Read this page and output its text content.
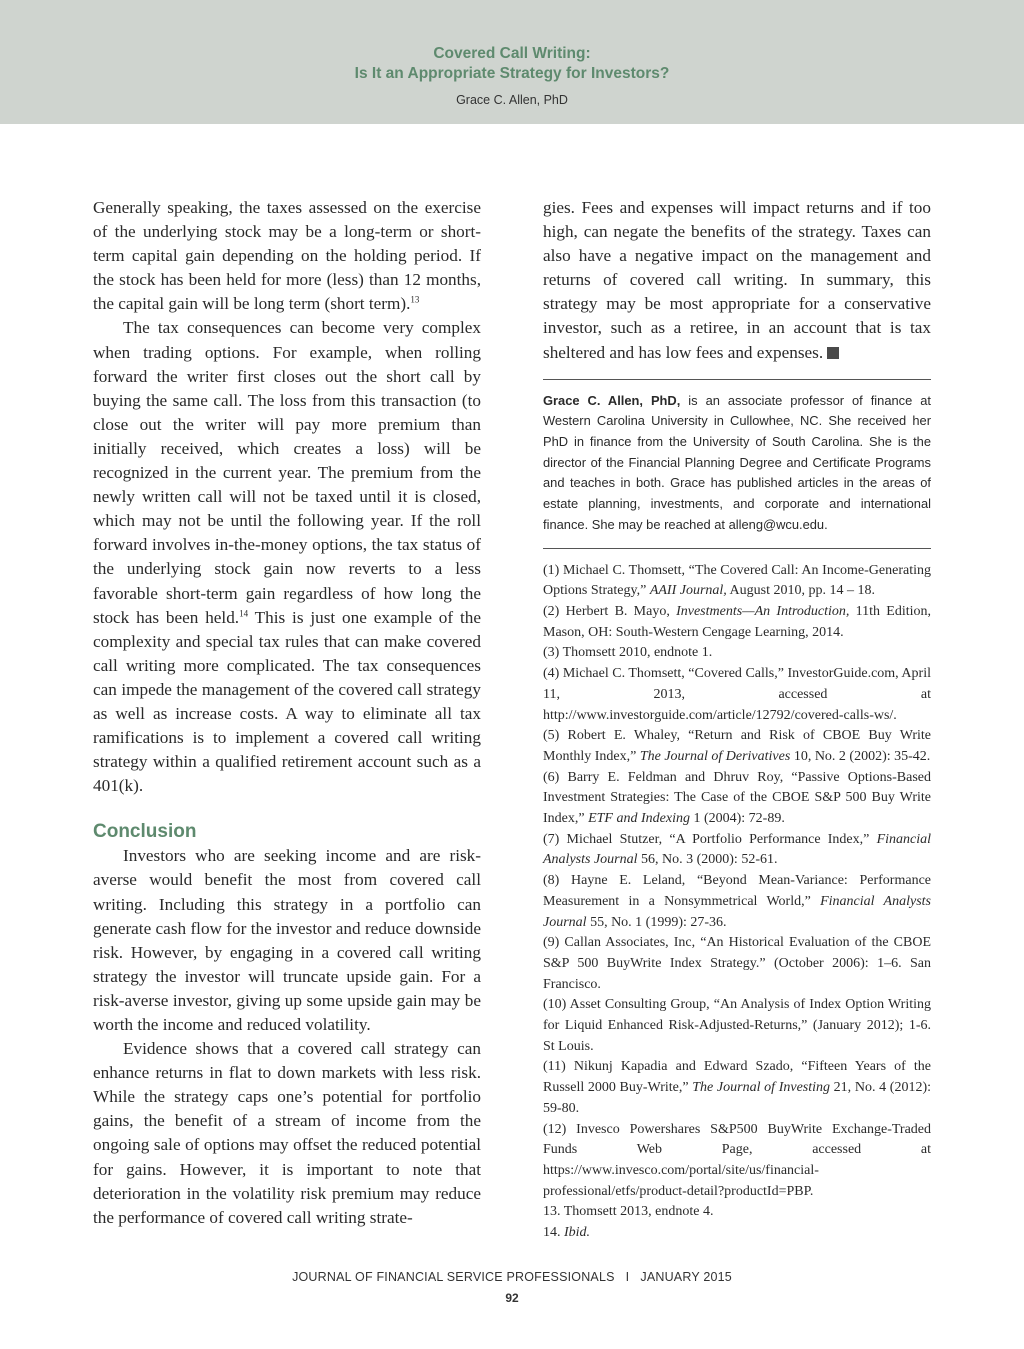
Covered Call Writing:
Is It an Appropriate Strategy for Investors?
Grace C. Allen, PhD

Generally speaking, the taxes assessed on the exercise of the underlying stock may be a long-term or short-term capital gain depending on the holding period. If the stock has been held for more (less) than 12 months, the capital gain will be long term (short term).$^{13}$

The tax consequences can become very complex when trading options. For example, when rolling forward the writer first closes out the short call by buying the same call. The loss from this transaction (to close out the writer will pay more premium than initially received, which creates a loss) will be recognized in the current year. The premium from the newly written call will not be taxed until it is closed, which may not be until the following year. If the roll forward involves in-the-money options, the tax status of the underlying stock gain now reverts to a less favorable short-term gain regardless of how long the stock has been held.$^{14}$ This is just one example of the complexity and special tax rules that can make covered call writing more complicated. The tax consequences can impede the management of the covered call strategy as well as increase costs. A way to eliminate all tax ramifications is to implement a covered call writing strategy within a qualified retirement account such as a 401(k).

Conclusion

Investors who are seeking income and are risk-averse would benefit the most from covered call writing. Including this strategy in a portfolio can generate cash flow for the investor and reduce downside risk. However, by engaging in a covered call writing strategy the investor will truncate upside gain. For a risk-averse investor, giving up some upside gain may be worth the income and reduced volatility.

Evidence shows that a covered call strategy can enhance returns in flat to down markets with less risk. While the strategy caps one’s potential for portfolio gains, the benefit of a stream of income from the ongoing sale of options may offset the reduced potential for gains. However, it is important to note that deterioration in the volatility risk premium may reduce the performance of covered call writing strate-

gies. Fees and expenses will impact returns and if too high, can negate the benefits of the strategy. Taxes can also have a negative impact on the management and returns of covered call writing. In summary, this strategy may be most appropriate for a conservative investor, such as a retiree, in an account that is tax sheltered and has low fees and expenses.

Grace C. Allen, PhD, is an associate professor of finance at Western Carolina University in Cullowhee, NC. She received her PhD in finance from the University of South Carolina. She is the director of the Financial Planning Degree and Certificate Programs and teaches in both. Grace has published articles in the areas of estate planning, investments, and corporate and international finance. She may be reached at alleng@wcu.edu.

(1) Michael C. Thomsett, “The Covered Call: An Income-Generating Options Strategy,” AAII Journal, August 2010, pp. 14 – 18.

(2) Herbert B. Mayo, Investments—An Introduction, 11th Edition, Mason, OH: South-Western Cengage Learning, 2014.

(3) Thomsett 2010, endnote 1.

(4) Michael C. Thomsett, “Covered Calls,” InvestorGuide.com, April 11, 2013, accessed at http://www.investorguide.com/article/12792/covered-calls-ws/.

(5) Robert E. Whaley, “Return and Risk of CBOE Buy Write Monthly Index,” The Journal of Derivatives 10, No. 2 (2002): 35-42.

(6) Barry E. Feldman and Dhruv Roy, “Passive Options-Based Investment Strategies: The Case of the CBOE S&P 500 Buy Write Index,” ETF and Indexing 1 (2004): 72-89.

(7) Michael Stutzer, “A Portfolio Performance Index,” Financial Analysts Journal 56, No. 3 (2000): 52-61.

(8) Hayne E. Leland, “Beyond Mean-Variance: Performance Measurement in a Nonsymmetrical World,” Financial Analysts Journal 55, No. 1 (1999): 27-36.

(9) Callan Associates, Inc, “An Historical Evaluation of the CBOE S&P 500 BuyWrite Index Strategy.” (October 2006): 1–6. San Francisco.

(10) Asset Consulting Group, “An Analysis of Index Option Writing for Liquid Enhanced Risk-Adjusted-Returns,” (January 2012); 1-6. St Louis.

(11) Nikunj Kapadia and Edward Szado, “Fifteen Years of the Russell 2000 Buy-Write,” The Journal of Investing 21, No. 4 (2012): 59-80.

(12) Invesco Powershares S&P500 BuyWrite Exchange-Traded Funds Web Page, accessed at https://www.invesco.com/portal/site/us/financial-professional/etfs/product-detail?productId=PBP.

13. Thomsett 2013, endnote 4.

14. Ibid.

JOURNAL OF FINANCIAL SERVICE PROFESSIONALS   I   JANUARY 2015
92
